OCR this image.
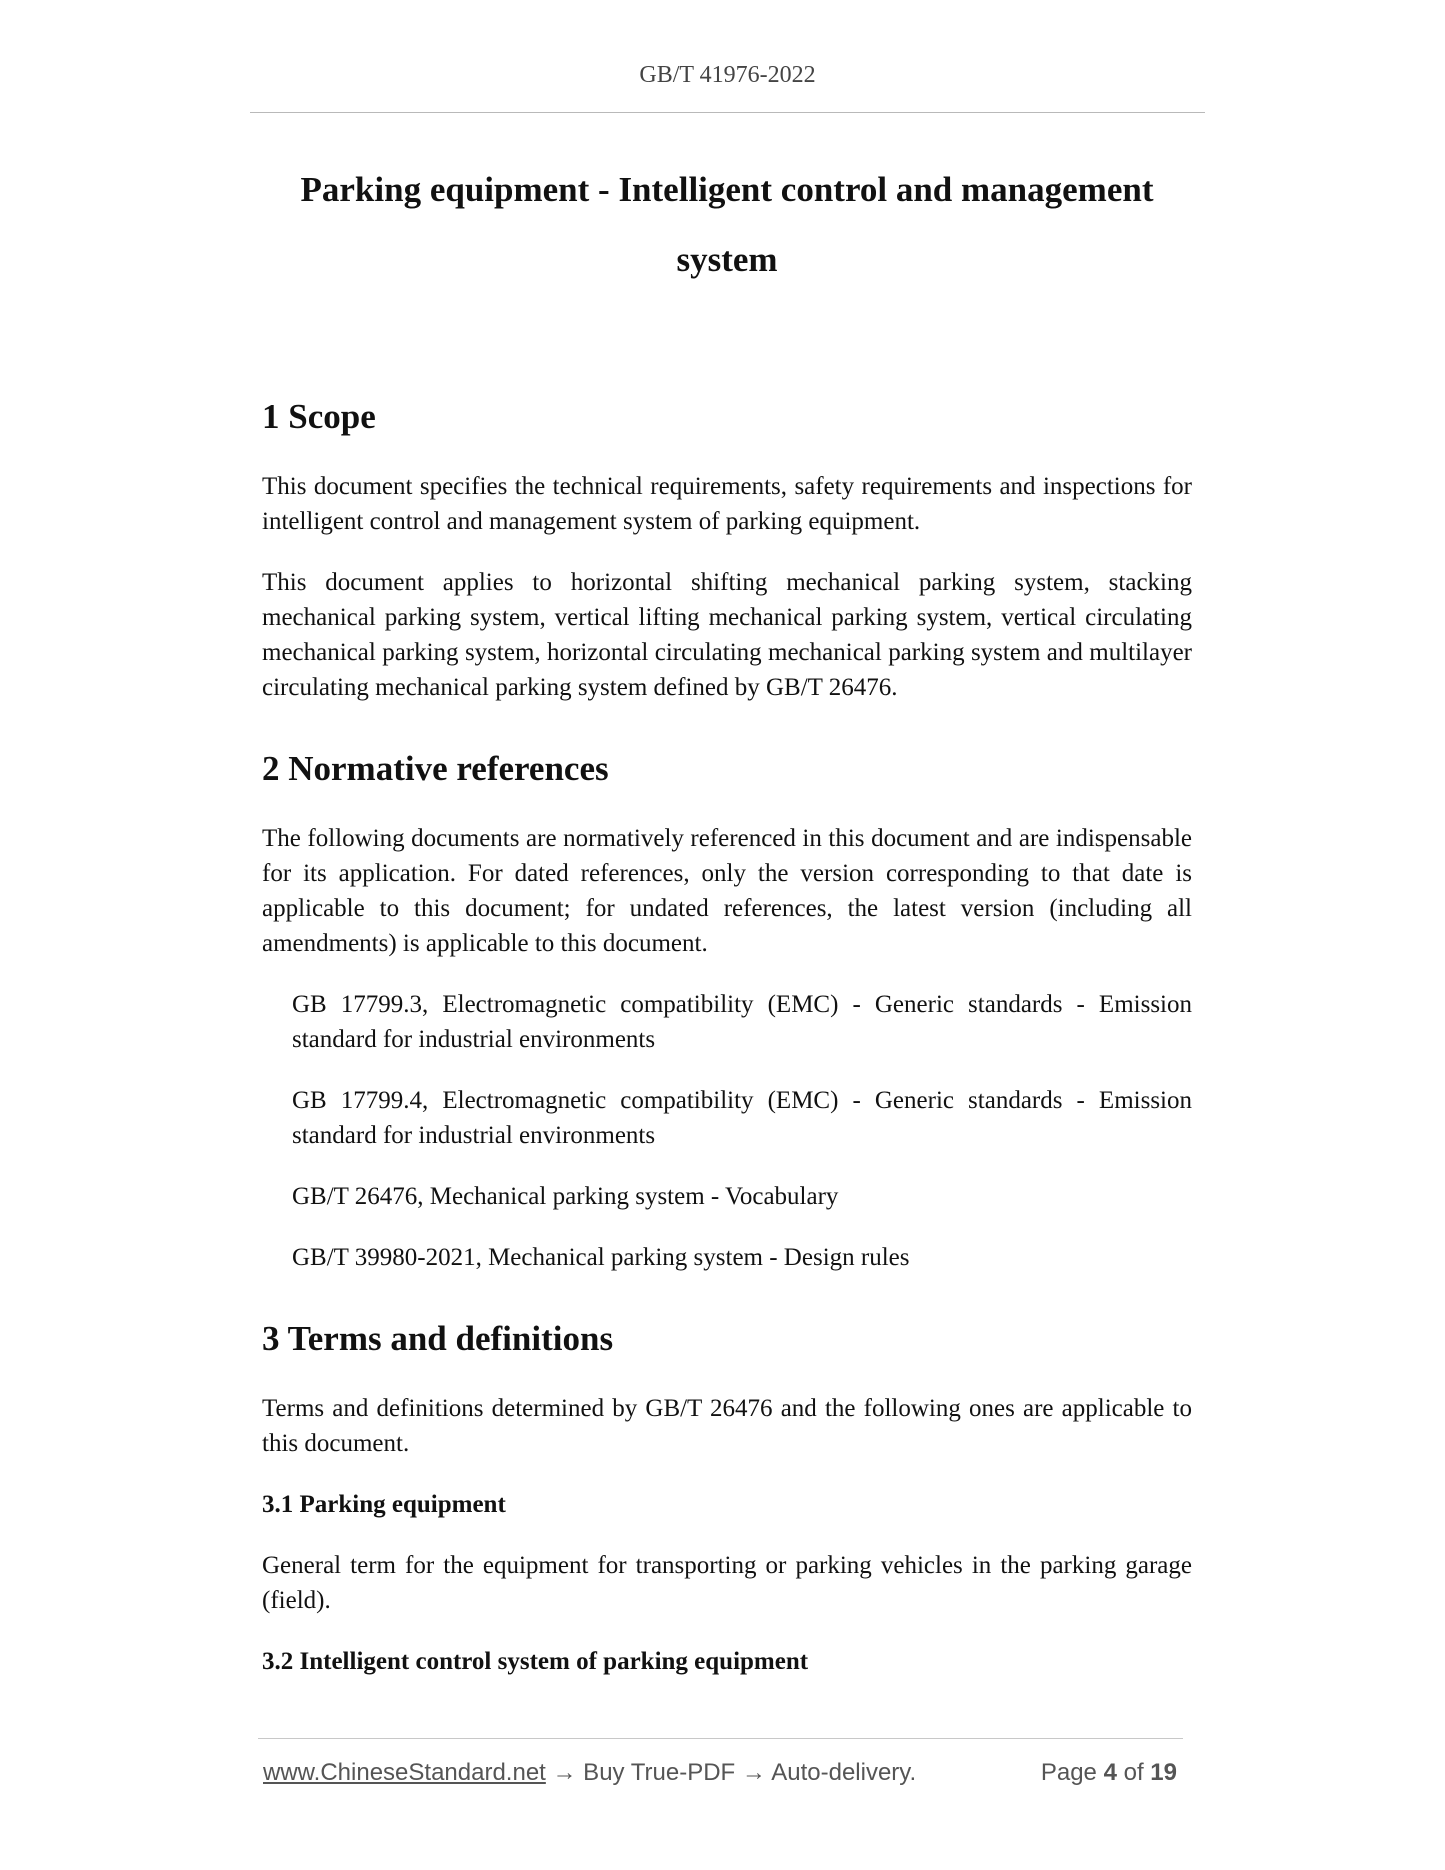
GB/T 41976-2022
Parking equipment - Intelligent control and management
system
1 Scope

This document specifies the technical requirements, safety requirements and inspections for intelligent control and management system of parking equipment.

This document applies to horizontal shifting mechanical parking system, stacking mechanical parking system, vertical lifting mechanical parking system, vertical circulating mechanical parking system, horizontal circulating mechanical parking system and multilayer circulating mechanical parking system defined by GB/T 26476.

2 Normative references

The following documents are normatively referenced in this document and are indispensable for its application. For dated references, only the version corresponding to that date is applicable to this document; for undated references, the latest version (including all amendments) is applicable to this document.

GB 17799.3, Electromagnetic compatibility (EMC) - Generic standards - Emission standard for industrial environments

GB 17799.4, Electromagnetic compatibility (EMC) - Generic standards - Emission standard for industrial environments

GB/T 26476, Mechanical parking system - Vocabulary

GB/T 39980-2021, Mechanical parking system - Design rules

3 Terms and definitions

Terms and definitions determined by GB/T 26476 and the following ones are applicable to this document.

3.1 Parking equipment

General term for the equipment for transporting or parking vehicles in the parking garage (field).

3.2 Intelligent control system of parking equipment
www.ChineseStandard.net → Buy True-PDF → Auto-delivery.	Page 4 of 19
